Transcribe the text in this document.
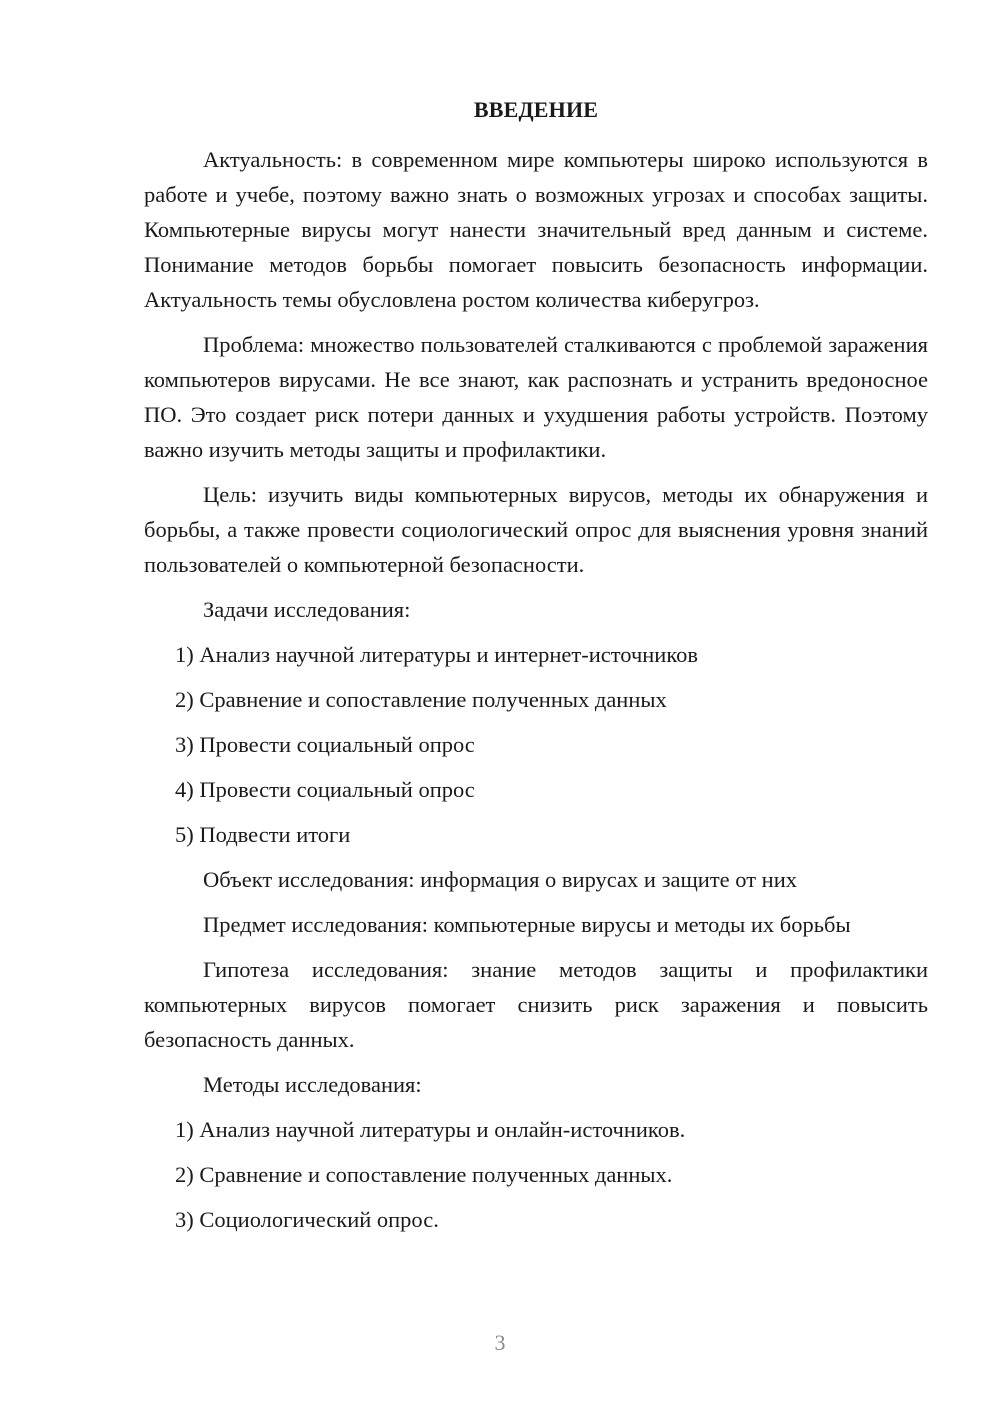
ВВЕДЕНИЕ

Актуальность: в современном мире компьютеры широко используются в работе и учебе, поэтому важно знать о возможных угрозах и способах защиты. Компьютерные вирусы могут нанести значительный вред данным и системе. Понимание методов борьбы помогает повысить безопасность информации. Актуальность темы обусловлена ростом количества киберугроз.

Проблема: множество пользователей сталкиваются с проблемой заражения компьютеров вирусами. Не все знают, как распознать и устранить вредоносное ПО. Это создает риск потери данных и ухудшения работы устройств. Поэтому важно изучить методы защиты и профилактики.

Цель: изучить виды компьютерных вирусов, методы их обнаружения и борьбы, а также провести социологический опрос для выяснения уровня знаний пользователей о компьютерной безопасности.

Задачи исследования:

1) Анализ научной литературы и интернет-источников
2) Сравнение и сопоставление полученных данных
3) Провести социальный опрос
4) Провести социальный опрос
5) Подвести итоги

Объект исследования: информация о вирусах и защите от них

Предмет исследования: компьютерные вирусы и методы их борьбы

Гипотеза исследования: знание методов защиты и профилактики компьютерных вирусов помогает снизить риск заражения и повысить безопасность данных.

Методы исследования:

1) Анализ научной литературы и онлайн-источников.
2) Сравнение и сопоставление полученных данных.
3) Социологический опрос.
3
